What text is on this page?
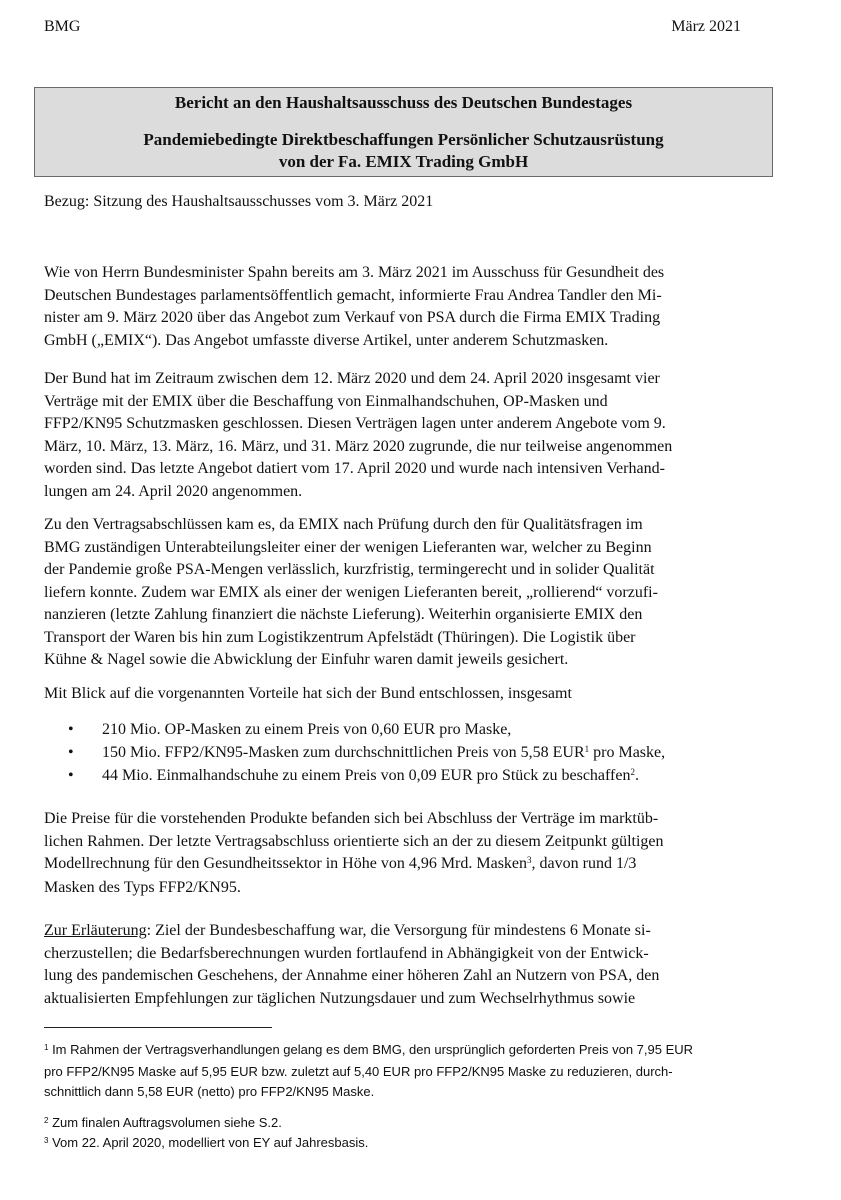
BMG	März 2021
Bericht an den Haushaltsausschuss des Deutschen Bundestages
Pandemiebedingte Direktbeschaffungen Persönlicher Schutzausrüstung
von der Fa. EMIX Trading GmbH
Bezug: Sitzung des Haushaltsausschusses vom 3. März 2021
Wie von Herrn Bundesminister Spahn bereits am 3. März 2021 im Ausschuss für Gesundheit des
Deutschen Bundestages parlamentsöffentlich gemacht, informierte Frau Andrea Tandler den Mi-
nister am 9. März 2020 über das Angebot zum Verkauf von PSA durch die Firma EMIX Trading
GmbH („EMIX“). Das Angebot umfasste diverse Artikel, unter anderem Schutzmasken.
Der Bund hat im Zeitraum zwischen dem 12. März 2020 und dem 24. April 2020 insgesamt vier
Verträge mit der EMIX über die Beschaffung von Einmalhandschuhen, OP-Masken und
FFP2/KN95 Schutzmasken geschlossen. Diesen Verträgen lagen unter anderem Angebote vom 9.
März, 10. März, 13. März, 16. März, und 31. März 2020 zugrunde, die nur teilweise angenommen
worden sind. Das letzte Angebot datiert vom 17. April 2020 und wurde nach intensiven Verhand-
lungen am 24. April 2020 angenommen.
Zu den Vertragsabschlüssen kam es, da EMIX nach Prüfung durch den für Qualitätsfragen im
BMG zuständigen Unterabteilungsleiter einer der wenigen Lieferanten war, welcher zu Beginn
der Pandemie große PSA-Mengen verlässlich, kurzfristig, termingerecht und in solider Qualität
liefern konnte. Zudem war EMIX als einer der wenigen Lieferanten bereit, „rollierend“ vorzufi-
nanzieren (letzte Zahlung finanziert die nächste Lieferung). Weiterhin organisierte EMIX den
Transport der Waren bis hin zum Logistikzentrum Apfelstädt (Thüringen). Die Logistik über
Kühne & Nagel sowie die Abwicklung der Einfuhr waren damit jeweils gesichert.
Mit Blick auf die vorgenannten Vorteile hat sich der Bund entschlossen, insgesamt
• 210 Mio. OP-Masken zu einem Preis von 0,60 EUR pro Maske,
• 150 Mio. FFP2/KN95-Masken zum durchschnittlichen Preis von 5,58 EUR$^1$ pro Maske,
• 44 Mio. Einmalhandschuhe zu einem Preis von 0,09 EUR pro Stück zu beschaffen$^2$.
Die Preise für die vorstehenden Produkte befanden sich bei Abschluss der Verträge im marktüb-
lichen Rahmen. Der letzte Vertragsabschluss orientierte sich an der zu diesem Zeitpunkt gültigen
Modellrechnung für den Gesundheitssektor in Höhe von 4,96 Mrd. Masken$^3$, davon rund 1/3
Masken des Typs FFP2/KN95.
Zur Erläuterung: Ziel der Bundesbeschaffung war, die Versorgung für mindestens 6 Monate si-
cherzustellen; die Bedarfsberechnungen wurden fortlaufend in Abhängigkeit von der Entwick-
lung des pandemischen Geschehens, der Annahme einer höheren Zahl an Nutzern von PSA, den
aktualisierten Empfehlungen zur täglichen Nutzungsdauer und zum Wechselrhythmus sowie
$^1$ Im Rahmen der Vertragsverhandlungen gelang es dem BMG, den ursprünglich geforderten Preis von 7,95 EUR
pro FFP2/KN95 Maske auf 5,95 EUR bzw. zuletzt auf 5,40 EUR pro FFP2/KN95 Maske zu reduzieren, durch-
schnittlich dann 5,58 EUR (netto) pro FFP2/KN95 Maske.
$^2$ Zum finalen Auftragsvolumen siehe S.2.
$^3$ Vom 22. April 2020, modelliert von EY auf Jahresbasis.
